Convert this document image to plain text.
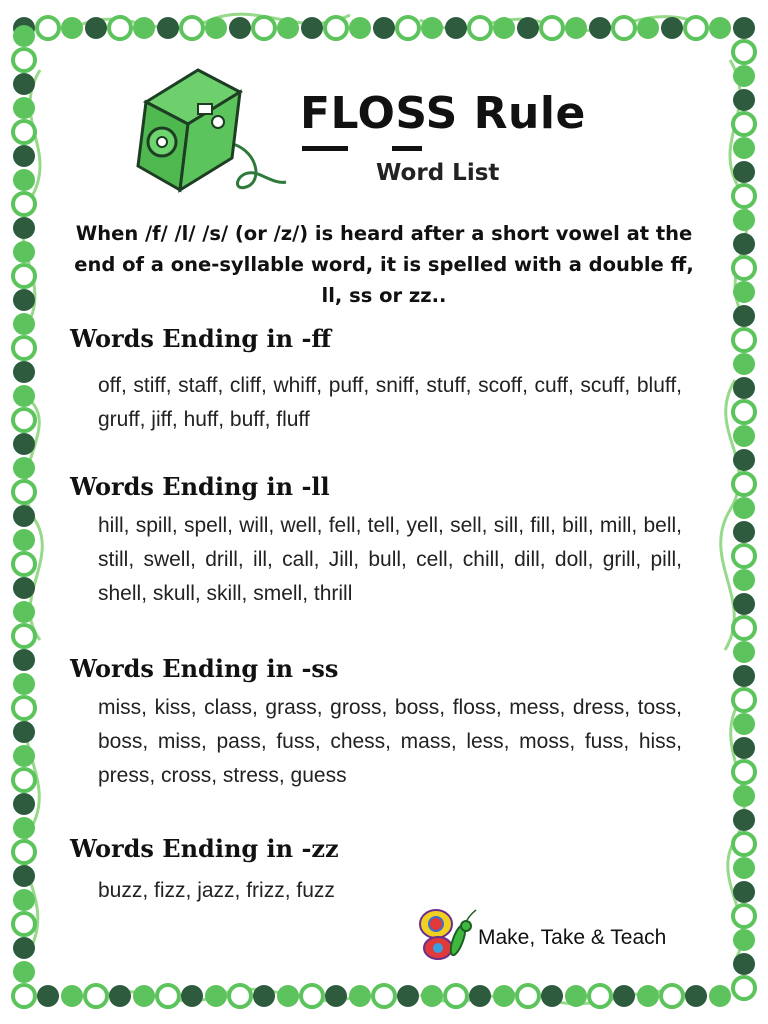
FLOSS Rule
Word List
When /f/ /l/ /s/ (or /z/) is heard after a short vowel at the end of a one-syllable word, it is spelled with a double ff, ll, ss or zz..
Words Ending in -ff
off, stiff, staff, cliff, whiff, puff, sniff, stuff, scoff, cuff, scuff, bluff, gruff, jiff, huff, buff, fluff
Words Ending in -ll
hill, spill, spell, will, well, fell, tell, yell, sell, sill, fill, bill, mill, bell, still, swell, drill, ill, call, Jill, bull, cell, chill, dill, doll, grill, pill, shell, skull, skill, smell, thrill
Words Ending in -ss
miss, kiss, class, grass, gross, boss, floss, mess, dress, toss, boss, miss, pass, fuss, chess, mass, less, moss, fuss, hiss, press, cross, stress, guess
Words Ending in -zz
buzz, fizz, jazz, frizz, fuzz
Make, Take & Teach
